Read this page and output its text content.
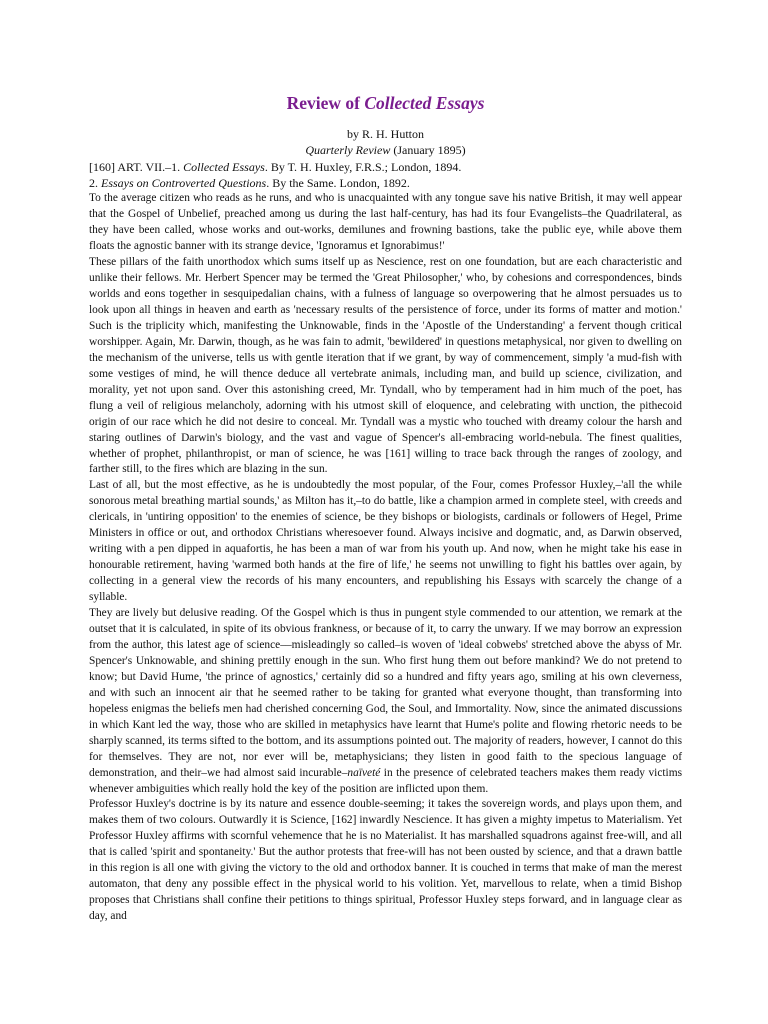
Review of Collected Essays

by R. H. Hutton

Quarterly Review (January 1895)

[160] ART. VII.–1. Collected Essays. By T. H. Huxley, F.R.S.; London, 1894.
2. Essays on Controverted Questions. By the Same. London, 1892.

To the average citizen who reads as he runs, and who is unacquainted with any tongue save his native British, it may well appear that the Gospel of Unbelief, preached among us during the last half-century, has had its four Evangelists–the Quadrilateral, as they have been called, whose works and out-works, demilunes and frowning bastions, take the public eye, while above them floats the agnostic banner with its strange device, 'Ignoramus et Ignorabimus!'

These pillars of the faith unorthodox which sums itself up as Nescience, rest on one foundation, but are each characteristic and unlike their fellows. Mr. Herbert Spencer may be termed the 'Great Philosopher,' who, by cohesions and correspondences, binds worlds and eons together in sesquipedalian chains, with a fulness of language so overpowering that he almost persuades us to look upon all things in heaven and earth as 'necessary results of the persistence of force, under its forms of matter and motion.' Such is the triplicity which, manifesting the Unknowable, finds in the 'Apostle of the Understanding' a fervent though critical worshipper. Again, Mr. Darwin, though, as he was fain to admit, 'bewildered' in questions metaphysical, nor given to dwelling on the mechanism of the universe, tells us with gentle iteration that if we grant, by way of commencement, simply 'a mud-fish with some vestiges of mind, he will thence deduce all vertebrate animals, including man, and build up science, civilization, and morality, yet not upon sand. Over this astonishing creed, Mr. Tyndall, who by temperament had in him much of the poet, has flung a veil of religious melancholy, adorning with his utmost skill of eloquence, and celebrating with unction, the pithecoid origin of our race which he did not desire to conceal. Mr. Tyndall was a mystic who touched with dreamy colour the harsh and staring outlines of Darwin's biology, and the vast and vague of Spencer's all-embracing world-nebula. The finest qualities, whether of prophet, philanthropist, or man of science, he was [161] willing to trace back through the ranges of zoology, and farther still, to the fires which are blazing in the sun.

Last of all, but the most effective, as he is undoubtedly the most popular, of the Four, comes Professor Huxley,–'all the while sonorous metal breathing martial sounds,' as Milton has it,–to do battle, like a champion armed in complete steel, with creeds and clericals, in 'untiring opposition' to the enemies of science, be they bishops or biologists, cardinals or followers of Hegel, Prime Ministers in office or out, and orthodox Christians wheresoever found. Always incisive and dogmatic, and, as Darwin observed, writing with a pen dipped in aquafortis, he has been a man of war from his youth up. And now, when he might take his ease in honourable retirement, having 'warmed both hands at the fire of life,' he seems not unwilling to fight his battles over again, by collecting in a general view the records of his many encounters, and republishing his Essays with scarcely the change of a syllable.

They are lively but delusive reading. Of the Gospel which is thus in pungent style commended to our attention, we remark at the outset that it is calculated, in spite of its obvious frankness, or because of it, to carry the unwary. If we may borrow an expression from the author, this latest age of science––misleadingly so called–is woven of 'ideal cobwebs' stretched above the abyss of Mr. Spencer's Unknowable, and shining prettily enough in the sun. Who first hung them out before mankind? We do not pretend to know; but David Hume, 'the prince of agnostics,' certainly did so a hundred and fifty years ago, smiling at his own cleverness, and with such an innocent air that he seemed rather to be taking for granted what everyone thought, than transforming into hopeless enigmas the beliefs men had cherished concerning God, the Soul, and Immortality. Now, since the animated discussions in which Kant led the way, those who are skilled in metaphysics have learnt that Hume's polite and flowing rhetoric needs to be sharply scanned, its terms sifted to the bottom, and its assumptions pointed out. The majority of readers, however, I cannot do this for themselves. They are not, nor ever will be, metaphysicians; they listen in good faith to the specious language of demonstration, and their–we had almost said incurable–naïveté in the presence of celebrated teachers makes them ready victims whenever ambiguities which really hold the key of the position are inflicted upon them.

Professor Huxley's doctrine is by its nature and essence double-seeming; it takes the sovereign words, and plays upon them, and makes them of two colours. Outwardly it is Science, [162] inwardly Nescience. It has given a mighty impetus to Materialism. Yet Professor Huxley affirms with scornful vehemence that he is no Materialist. It has marshalled squadrons against free-will, and all that is called 'spirit and spontaneity.' But the author protests that free-will has not been ousted by science, and that a drawn battle in this region is all one with giving the victory to the old and orthodox banner. It is couched in terms that make of man the merest automaton, that deny any possible effect in the physical world to his volition. Yet, marvellous to relate, when a timid Bishop proposes that Christians shall confine their petitions to things spiritual, Professor Huxley steps forward, and in language clear as day, and
